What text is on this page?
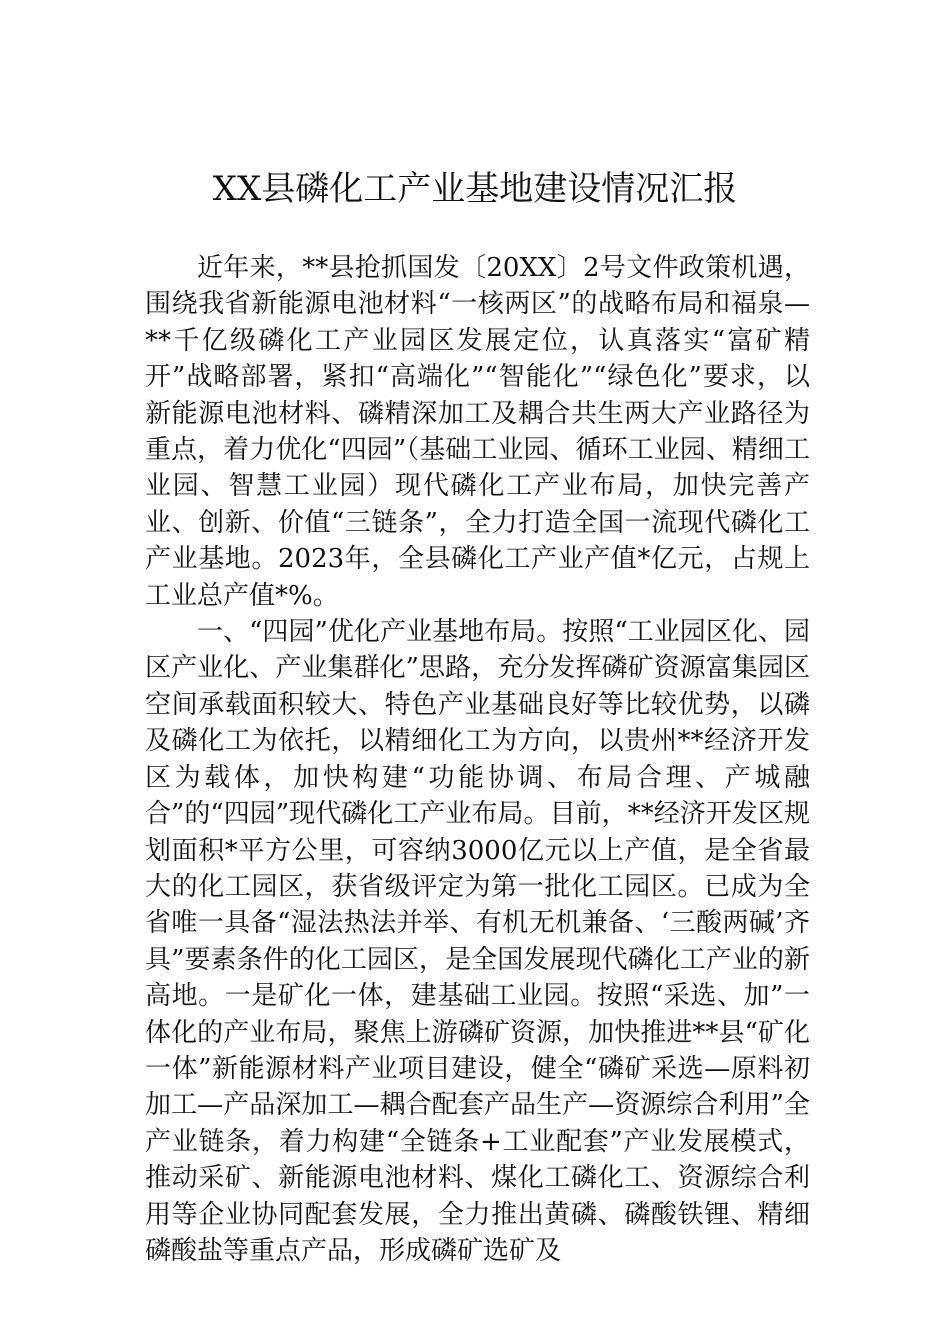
XX县磷化工产业基地建设情况汇报

近年来，**县抢抓国发〔20XX〕2号文件政策机遇，围绕我省新能源电池材料“一核两区”的战略布局和福泉—**千亿级磷化工产业园区发展定位，认真落实“富矿精开”战略部署，紧扣“高端化”“智能化”“绿色化”要求，以新能源电池材料、磷精深加工及耦合共生两大产业路径为重点，着力优化“四园”（基础工业园、循环工业园、精细工业园、智慧工业园）现代磷化工产业布局，加快完善产业、创新、价值“三链条”，全力打造全国一流现代磷化工产业基地。2023年，全县磷化工产业产值*亿元，占规上工业总产值*%。

一、“四园”优化产业基地布局。按照“工业园区化、园区产业化、产业集群化”思路，充分发挥磷矿资源富集园区空间承载面积较大、特色产业基础良好等比较优势，以磷及磷化工为依托，以精细化工为方向，以贵州**经济开发区为载体，加快构建“功能协调、布局合理、产城融合”的“四园”现代磷化工产业布局。目前，**经济开发区规划面积*平方公里，可容纳3000亿元以上产值，是全省最大的化工园区，获省级评定为第一批化工园区。已成为全省唯一具备“湿法热法并举、有机无机兼备、‘三酸两碱’齐具”要素条件的化工园区，是全国发展现代磷化工产业的新高地。一是矿化一体，建基础工业园。按照“采选、加”一体化的产业布局，聚焦上游磷矿资源，加快推进**县“矿化一体”新能源材料产业项目建设，健全“磷矿采选—原料初加工—产品深加工—耦合配套产品生产—资源综合利用”全产业链条，着力构建“全链条+工业配套”产业发展模式，推动采矿、新能源电池材料、煤化工磷化工、资源综合利用等企业协同配套发展，全力推出黄磷、磷酸铁锂、精细磷酸盐等重点产品，形成磷矿选矿及
